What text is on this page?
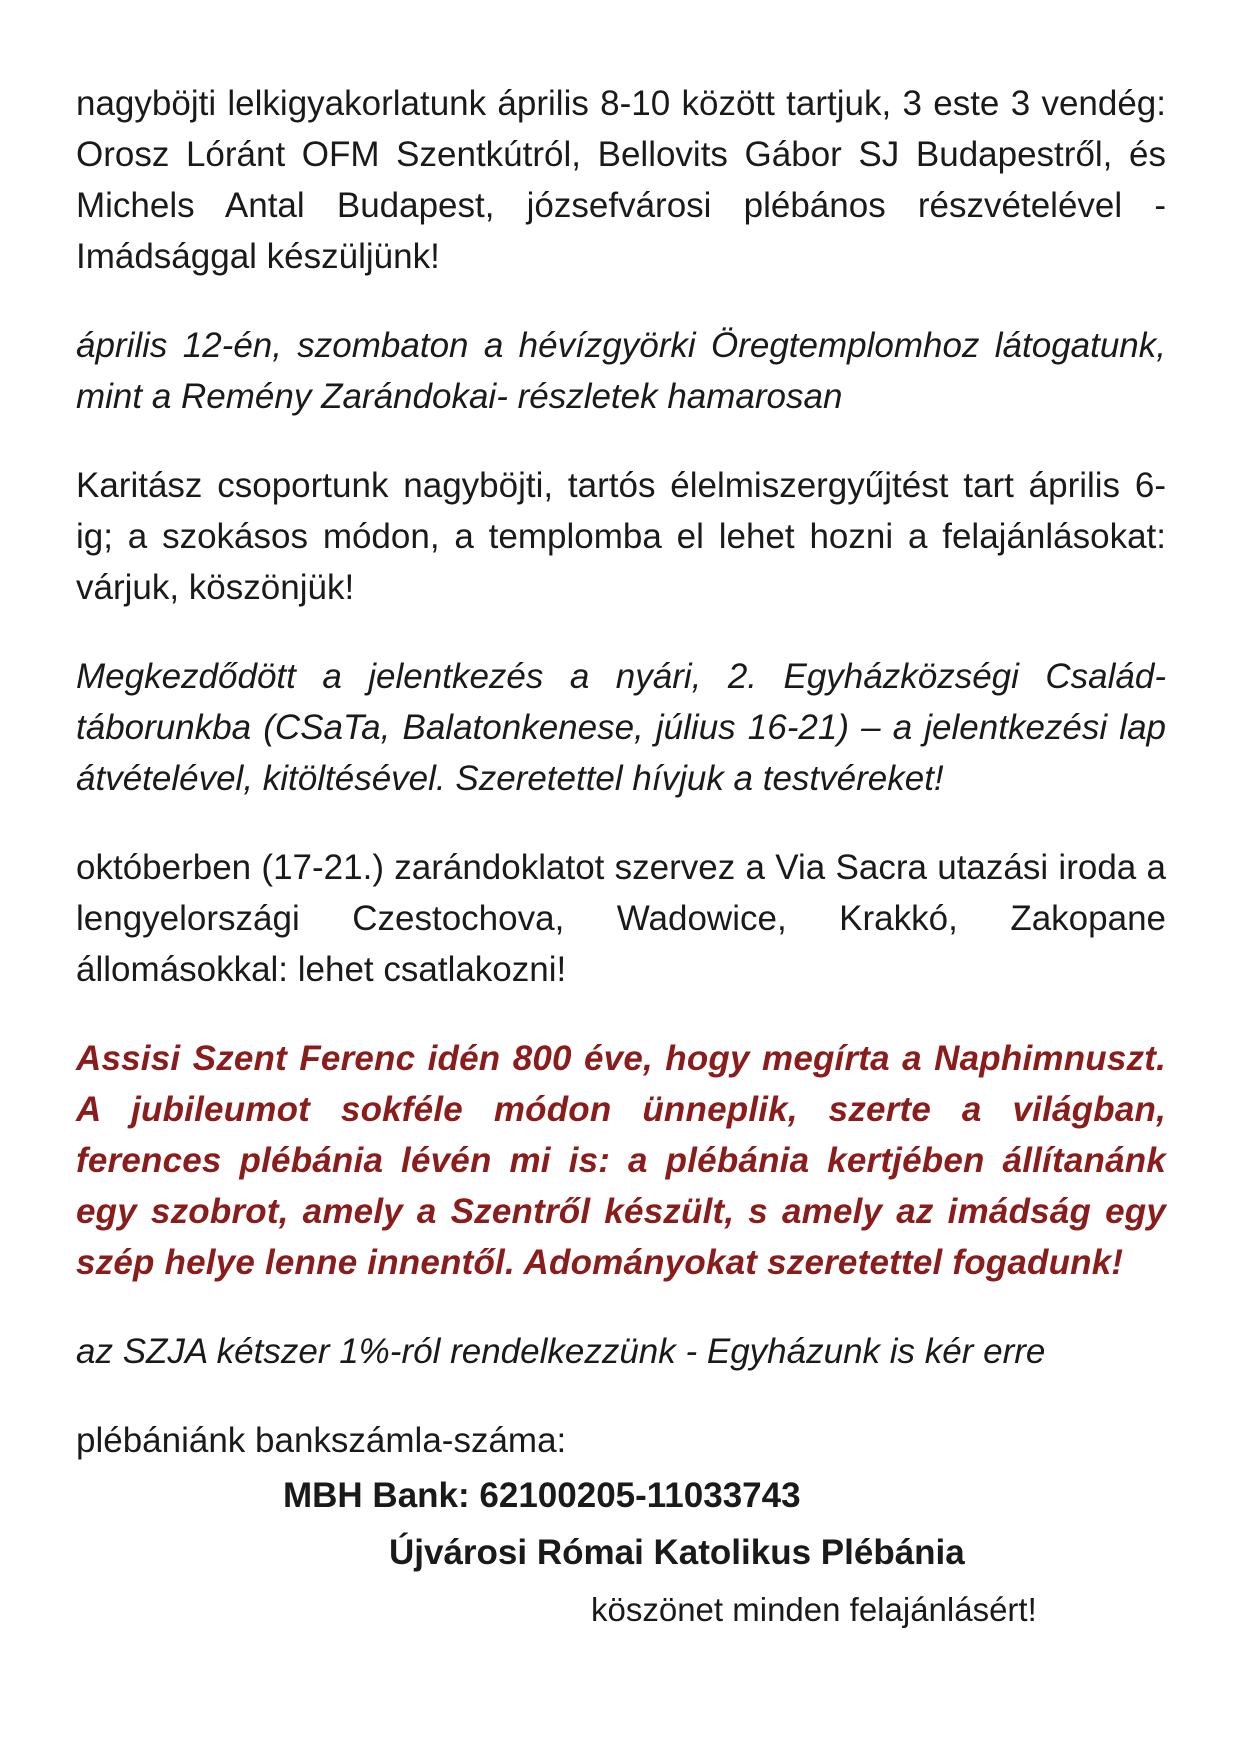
nagyböjti lelkigyakorlatunk április 8-10 között tartjuk, 3 este 3 vendég: Orosz Lóránt OFM Szentkútról, Bellovits Gábor SJ Budapestről, és Michels Antal Budapest, józsefvárosi plébános részvételével - Imádsággal készüljünk!

április 12-én, szombaton a hévízgyörki Öregtemplomhoz látogatunk, mint a Remény Zarándokai- részletek hamarosan

Karitász csoportunk nagyböjti, tartós élelmiszergyűjtést tart április 6-ig; a szokásos módon, a templomba el lehet hozni a felajánlásokat: várjuk, köszönjük!

Megkezdődött a jelentkezés a nyári, 2. Egyházközségi Család-táborunkba (CSaTa, Balatonkenese, július 16-21) – a jelentkezési lap átvételével, kitöltésével. Szeretettel hívjuk a testvéreket!

októberben (17-21.) zarándoklatot szervez a Via Sacra utazási iroda a lengyelországi Czestochova, Wadowice, Krakkó, Zakopane állomásokkal: lehet csatlakozni!

Assisi Szent Ferenc idén 800 éve, hogy megírta a Naphimnuszt. A jubileumot sokféle módon ünneplik, szerte a világban, ferences plébánia lévén mi is: a plébánia kertjében állítanánk egy szobrot, amely a Szentről készült, s amely az imádság egy szép helye lenne innentől. Adományokat szeretettel fogadunk!

az SZJA kétszer 1%-ról rendelkezzünk - Egyházunk is kér erre

plébániánk bankszámla-száma:

MBH Bank: 62100205-11033743

Újvárosi Római Katolikus Plébánia

köszönet minden felajánlásért!
